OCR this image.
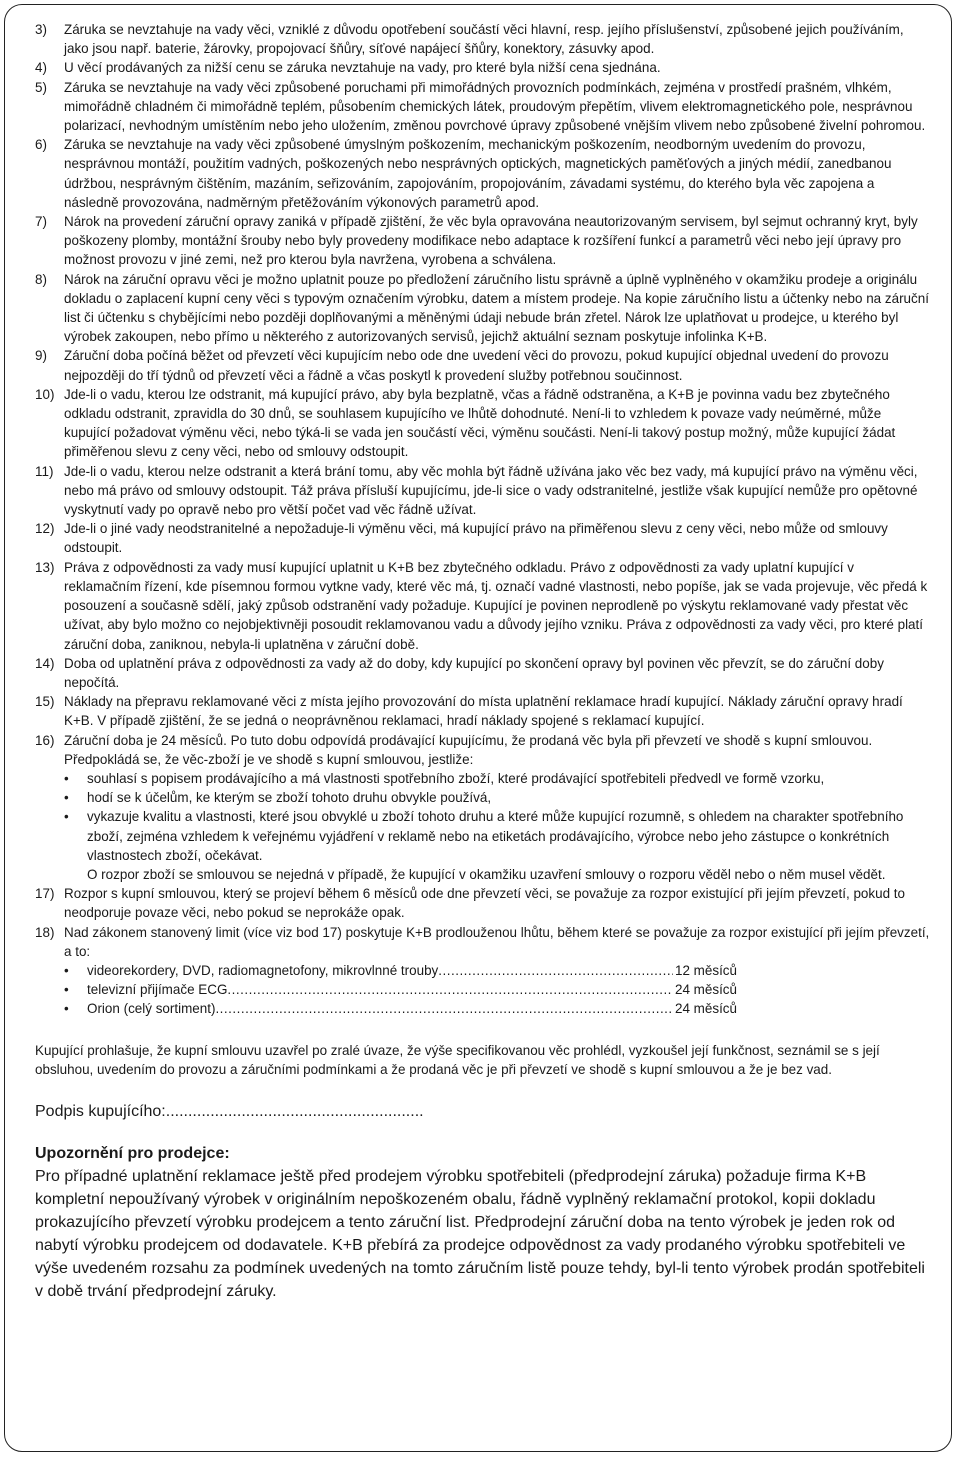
3) Záruka se nevztahuje na vady věci, vzniklé z důvodu opotřebení součástí věci hlavní, resp. jejího příslušenství, způsobené jejich používáním, jako jsou např. baterie, žárovky, propojovací šňůry, síťové napájecí šňůry, konektory, zásuvky apod.
4) U věcí prodávaných za nižší cenu se záruka nevztahuje na vady, pro které byla nižší cena sjednána.
5) Záruka se nevztahuje na vady věci způsobené poruchami při mimořádných provozních podmínkách, zejména v prostředí prašném, vlhkém, mimořádně chladném či mimořádně teplém, působením chemických látek, proudovým přepětím, vlivem elektromagnetického pole, nesprávnou polarizací, nevhodným umístěním nebo jeho uložením, změnou povrchové úpravy způsobené vnějším vlivem nebo způsobené živelní pohromou.
6) Záruka se nevztahuje na vady věci způsobené úmyslným poškozením, mechanickým poškozením, neodborným uvedením do provozu, nesprávnou montáží, použitím vadných, poškozených nebo nesprávných optických, magnetických paměťových a jiných médií, zanedbanou údržbou, nesprávným čištěním, mazáním, seřizováním, zapojováním, propojováním, závadami systému, do kterého byla věc zapojena a následně provozována, nadměrným přetěžováním výkonových parametrů apod.
7) Nárok na provedení záruční opravy zaniká v případě zjištění, že věc byla opravována neautorizovaným servisem, byl sejmut ochranný kryt, byly poškozeny plomby, montážní šrouby nebo byly provedeny modifikace nebo adaptace k rozšíření funkcí a parametrů věci nebo její úpravy pro možnost provozu v jiné zemi, než pro kterou byla navržena, vyrobena a schválena.
8) Nárok na záruční opravu věci je možno uplatnit pouze po předložení záručního listu správně a úplně vyplněného v okamžiku prodeje a originálu dokladu o zaplacení kupní ceny věci s typovým označením výrobku, datem a místem prodeje. Na kopie záručního listu a účtenky nebo na záruční list či účtenku s chybějícími nebo později doplňovanými a měněnými údaji nebude brán zřetel. Nárok lze uplatňovat u prodejce, u kterého byl výrobek zakoupen, nebo přímo u některého z autorizovaných servisů, jejichž aktuální seznam poskytuje infolinka K+B.
9) Záruční doba počíná běžet od převzetí věci kupujícím nebo ode dne uvedení věci do provozu, pokud kupující objednal uvedení do provozu nejpozději do tří týdnů od převzetí věci a řádně a včas poskytl k provedení služby potřebnou součinnost.
10) Jde-li o vadu, kterou lze odstranit, má kupující právo, aby byla bezplatně, včas a řádně odstraněna, a K+B je povinna vadu bez zbytečného odkladu odstranit, zpravidla do 30 dnů, se souhlasem kupujícího ve lhůtě dohodnuté. Není-li to vzhledem k povaze vady neúměrné, může kupující požadovat výměnu věci, nebo týká-li se vada jen součástí věci, výměnu součásti. Není-li takový postup možný, může kupující žádat přiměřenou slevu z ceny věci, nebo od smlouvy odstoupit.
11) Jde-li o vadu, kterou nelze odstranit a která brání tomu, aby věc mohla být řádně užívána jako věc bez vady, má kupující právo na výměnu věci, nebo má právo od smlouvy odstoupit. Táž práva přísluší kupujícímu, jde-li sice o vady odstranitelné, jestliže však kupující nemůže pro opětovné vyskytnutí vady po opravě nebo pro větší počet vad věc řádně užívat.
12) Jde-li o jiné vady neodstranitelné a nepožaduje-li výměnu věci, má kupující právo na přiměřenou slevu z ceny věci, nebo může od smlouvy odstoupit.
13) Práva z odpovědnosti za vady musí kupující uplatnit u K+B bez zbytečného odkladu. Právo z odpovědnosti za vady uplatní kupující v reklamačním řízení, kde písemnou formou vytkne vady, které věc má, tj. označí vadné vlastnosti, nebo popíše, jak se vada projevuje, věc předá k posouzení a současně sdělí, jaký způsob odstranění vady požaduje. Kupující je povinen neprodleně po výskytu reklamované vady přestat věc užívat, aby bylo možno co nejobjektivněji posoudit reklamovanou vadu a důvody jejího vzniku. Práva z odpovědnosti za vady věci, pro které platí záruční doba, zaniknou, nebyla-li uplatněna v záruční době.
14) Doba od uplatnění práva z odpovědnosti za vady až do doby, kdy kupující po skončení opravy byl povinen věc převzít, se do záruční doby nepočítá.
15) Náklady na přepravu reklamované věci z místa jejího provozování do místa uplatnění reklamace hradí kupující. Náklady záruční opravy hradí K+B. V případě zjištění, že se jedná o neoprávněnou reklamaci, hradí náklady spojené s reklamací kupující.
16) Záruční doba je 24 měsíců. Po tuto dobu odpovídá prodávající kupujícímu, že prodaná věc byla při převzetí ve shodě s kupní smlouvou. Předpokládá se, že věc-zboží je ve shodě s kupní smlouvou, jestliže:
• souhlasí s popisem prodávajícího a má vlastnosti spotřebního zboží, které prodávající spotřebiteli předvedl ve formě vzorku,
• hodí se k účelům, ke kterým se zboží tohoto druhu obvykle používá,
• vykazuje kvalitu a vlastnosti, které jsou obvyklé u zboží tohoto druhu a které může kupující rozumně, s ohledem na charakter spotřebního zboží, zejména vzhledem k veřejnému vyjádření v reklamě nebo na etiketách prodávajícího, výrobce nebo jeho zástupce o konkrétních vlastnostech zboží, očekávat.
O rozpor zboží se smlouvou se nejedná v případě, že kupující v okamžiku uzavření smlouvy o rozporu věděl nebo o něm musel vědět.
17) Rozpor s kupní smlouvou, který se projeví během 6 měsíců ode dne převzetí věci, se považuje za rozpor existující při jejím převzetí, pokud to neodporuje povaze věci, nebo pokud se neprokáže opak.
18) Nad zákonem stanovený limit (více viz bod 17) poskytuje K+B prodlouženou lhůtu, během které se považuje za rozpor existující při jejím převzetí, a to:
• videorekordery, DVD, radiomagnetofony, mikrovlnné trouby .....	12 měsíců
• televizní přijímače ECG .....	24 měsíců
• Orion (celý sortiment) .....	24 měsíců

Kupující prohlašuje, že kupní smlouvu uzavřel po zralé úvaze, že výše specifikovanou věc prohlédl, vyzkoušel její funkčnost, seznámil se s její obsluhou, uvedením do provozu a záručními podmínkami a že prodaná věc je při převzetí ve shodě s kupní smlouvou a že je bez vad.

Podpis kupujícího:..........................................................
Upozornění pro prodejce:
Pro případné uplatnění reklamace ještě před prodejem výrobku spotřebiteli (předprodejní záruka) požaduje firma K+B kompletní nepoužívaný výrobek v originálním nepoškozeném obalu, řádně vyplněný reklamační protokol, kopii dokladu prokazujícího převzetí výrobku prodejcem a tento záruční list. Předprodejní záruční doba na tento výrobek je jeden rok od nabytí výrobku prodejcem od dodavatele. K+B přebírá za prodejce odpovědnost za vady prodaného výrobku spotřebiteli ve výše uvedeném rozsahu za podmínek uvedených na tomto záručním listě pouze tehdy, byl-li tento výrobek prodán spotřebiteli v době trvání předprodejní záruky.
